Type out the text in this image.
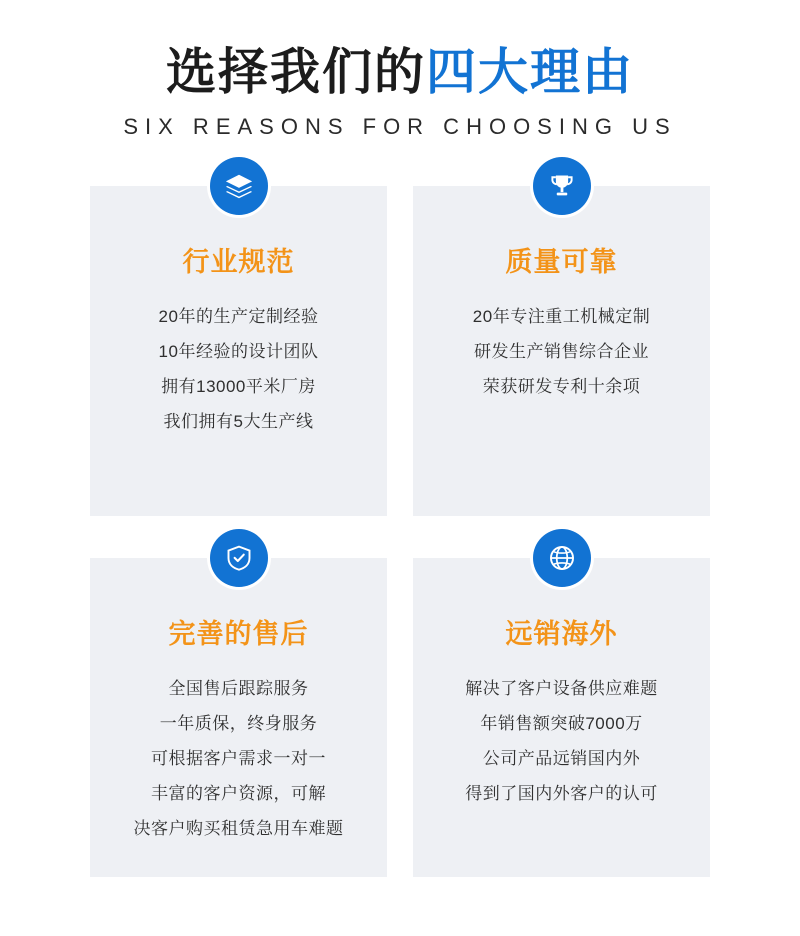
选择我们的四大理由
SIX REASONS FOR CHOOSING US
行业规范
20年的生产定制经验
10年经验的设计团队
拥有13000平米厂房
我们拥有5大生产线
质量可靠
20年专注重工机械定制
研发生产销售综合企业
荣获研发专利十余项
完善的售后
全国售后跟踪服务
一年质保，终身服务
可根据客户需求一对一
丰富的客户资源，可解
决客户购买租赁急用车难题
远销海外
解决了客户设备供应难题
年销售额突破7000万
公司产品远销国内外
得到了国内外客户的认可
